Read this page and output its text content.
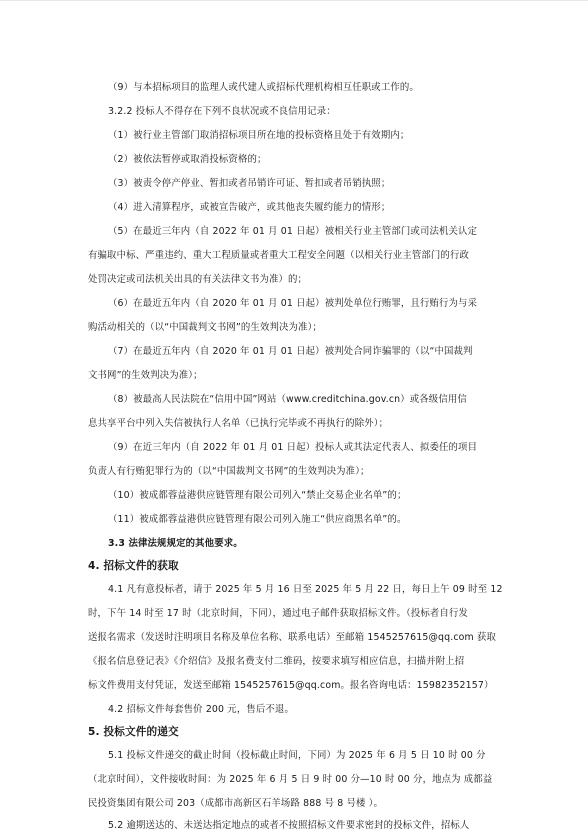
（9）与本招标项目的监理人或代建人或招标代理机构相互任职或工作的。
3.2.2 投标人不得存在下列不良状况或不良信用记录：
（1）被行业主管部门取消招标项目所在地的投标资格且处于有效期内；
（2）被依法暂停或取消投标资格的；
（3）被责令停产停业、暂扣或者吊销许可证、暂扣或者吊销执照；
（4）进入清算程序，或被宣告破产，或其他丧失履约能力的情形；
（5）在最近三年内（自 2022 年 01 月 01 日起）被相关行业主管部门或司法机关认定
有骗取中标、严重违约、重大工程质量或者重大工程安全问题（以相关行业主管部门的行政
处罚决定或司法机关出具的有关法律文书为准）的；
（6）在最近五年内（自 2020 年 01 月 01 日起）被判处单位行贿罪，且行贿行为与采
购活动相关的（以“中国裁判文书网”的生效判决为准）；
（7）在最近五年内（自 2020 年 01 月 01 日起）被判处合同诈骗罪的（以“中国裁判
文书网”的生效判决为准）；
（8）被最高人民法院在“信用中国”网站（www.creditchina.gov.cn）或各级信用信
息共享平台中列入失信被执行人名单（已执行完毕或不再执行的除外）；
（9）在近三年内（自 2022 年 01 月 01 日起）投标人或其法定代表人、拟委任的项目
负责人有行贿犯罪行为的（以“中国裁判文书网”的生效判决为准）；
（10）被成都蓉益港供应链管理有限公司列入“禁止交易企业名单”的；
（11）被成都蓉益港供应链管理有限公司列入施工“供应商黑名单”的。
3.3 法律法规规定的其他要求。
4. 招标文件的获取
4.1 凡有意投标者，请于 2025 年 5 月 16 日至 2025 年 5 月 22 日，每日上午 09 时至 12
时，下午 14 时至 17 时（北京时间，下同），通过电子邮件获取招标文件。（投标者自行发
送报名需求（发送时注明项目名称及单位名称、联系电话）至邮箱 1545257615@qq.com 获取
《报名信息登记表》《介绍信》及报名费支付二维码，按要求填写相应信息，扫描并附上招
标文件费用支付凭证，发送至邮箱 1545257615@qq.com。报名咨询电话：15982352157）
4.2 招标文件每套售价 200 元，售后不退。
5. 投标文件的递交
5.1 投标文件递交的截止时间（投标截止时间，下同）为 2025 年 6 月 5 日 10 时 00 分
（北京时间），文件接收时间：为 2025 年 6 月 5 日 9 时 00 分—10 时 00 分，地点为 成都益
民投资集团有限公司 203（成都市高新区石羊场路 888 号 8 号楼 ）。
5.2 逾期送达的、未送达指定地点的或者不按照招标文件要求密封的投标文件，招标人
